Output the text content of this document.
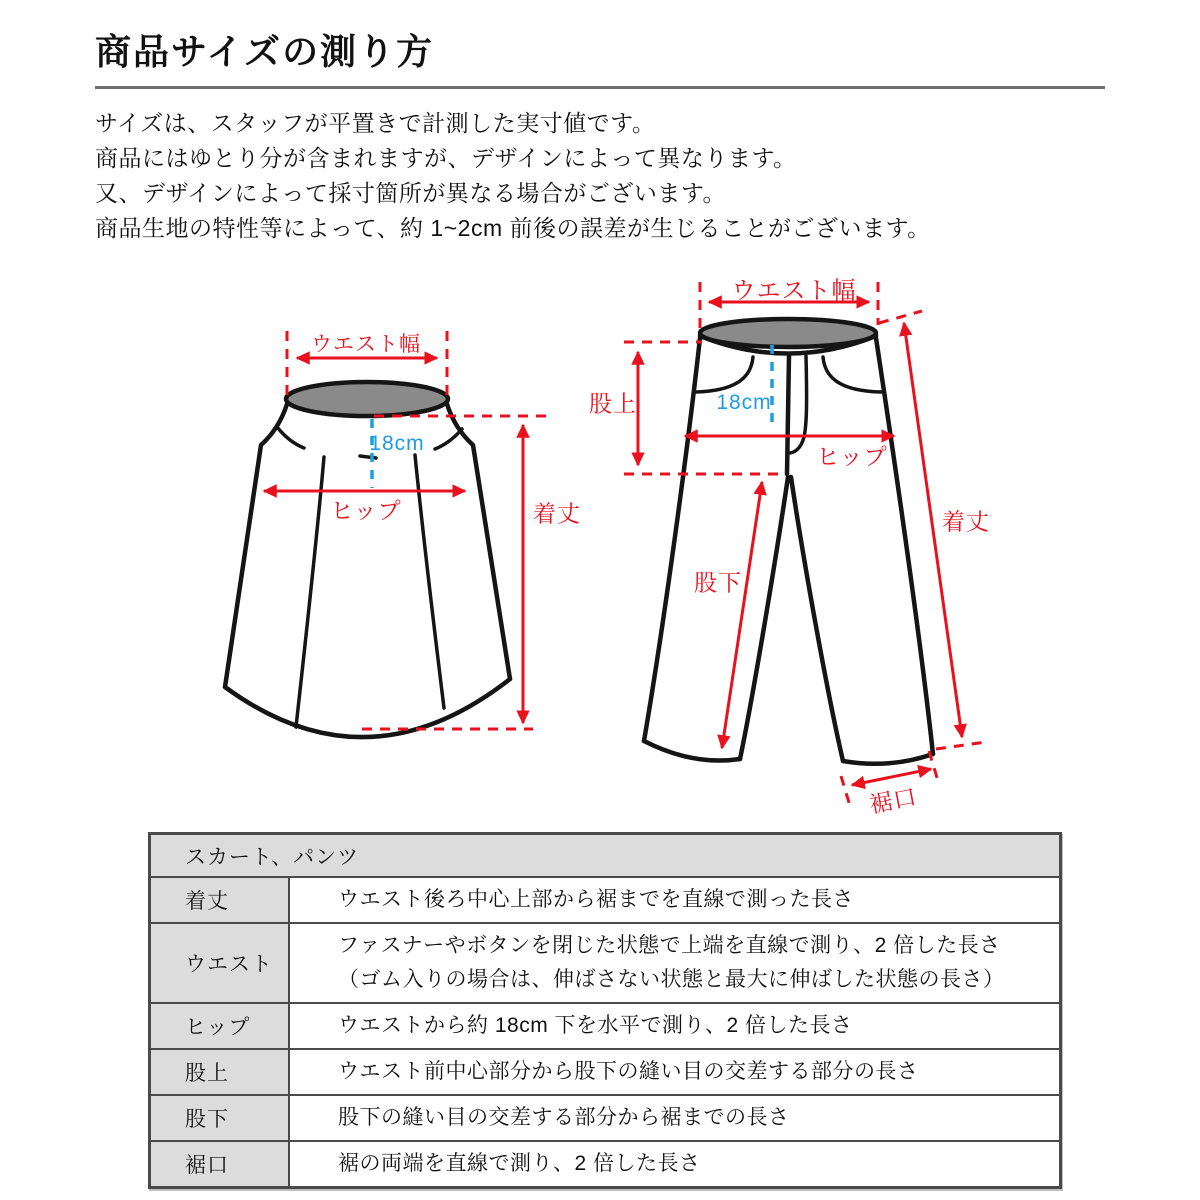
商品サイズの測り方
サイズは、スタッフが平置きで計測した実寸値です。
商品にはゆとり分が含まれますが、デザインによって異なります。
又、デザインによって採寸箇所が異なる場合がございます。
商品生地の特性等によって、約 1~2cm 前後の誤差が生じることがございます。
ウエスト幅
18cm
ヒップ	着丈
ウエスト幅
股上	18cm
ヒップ
着丈
股下
裾口
スカート、パンツ
着丈	ウエスト後ろ中心上部から裾までを直線で測った長さ
ウエスト
ファスナーやボタンを閉じた状態で上端を直線で測り、2 倍した長さ
（ゴム入りの場合は、伸ばさない状態と最大に伸ばした状態の長さ）
ヒップ	ウエストから約 18cm 下を水平で測り、2 倍した長さ
股上	ウエスト前中心部分から股下の縫い目の交差する部分の長さ
股下	股下の縫い目の交差する部分から裾までの長さ
裾口	裾の両端を直線で測り、2 倍した長さ
